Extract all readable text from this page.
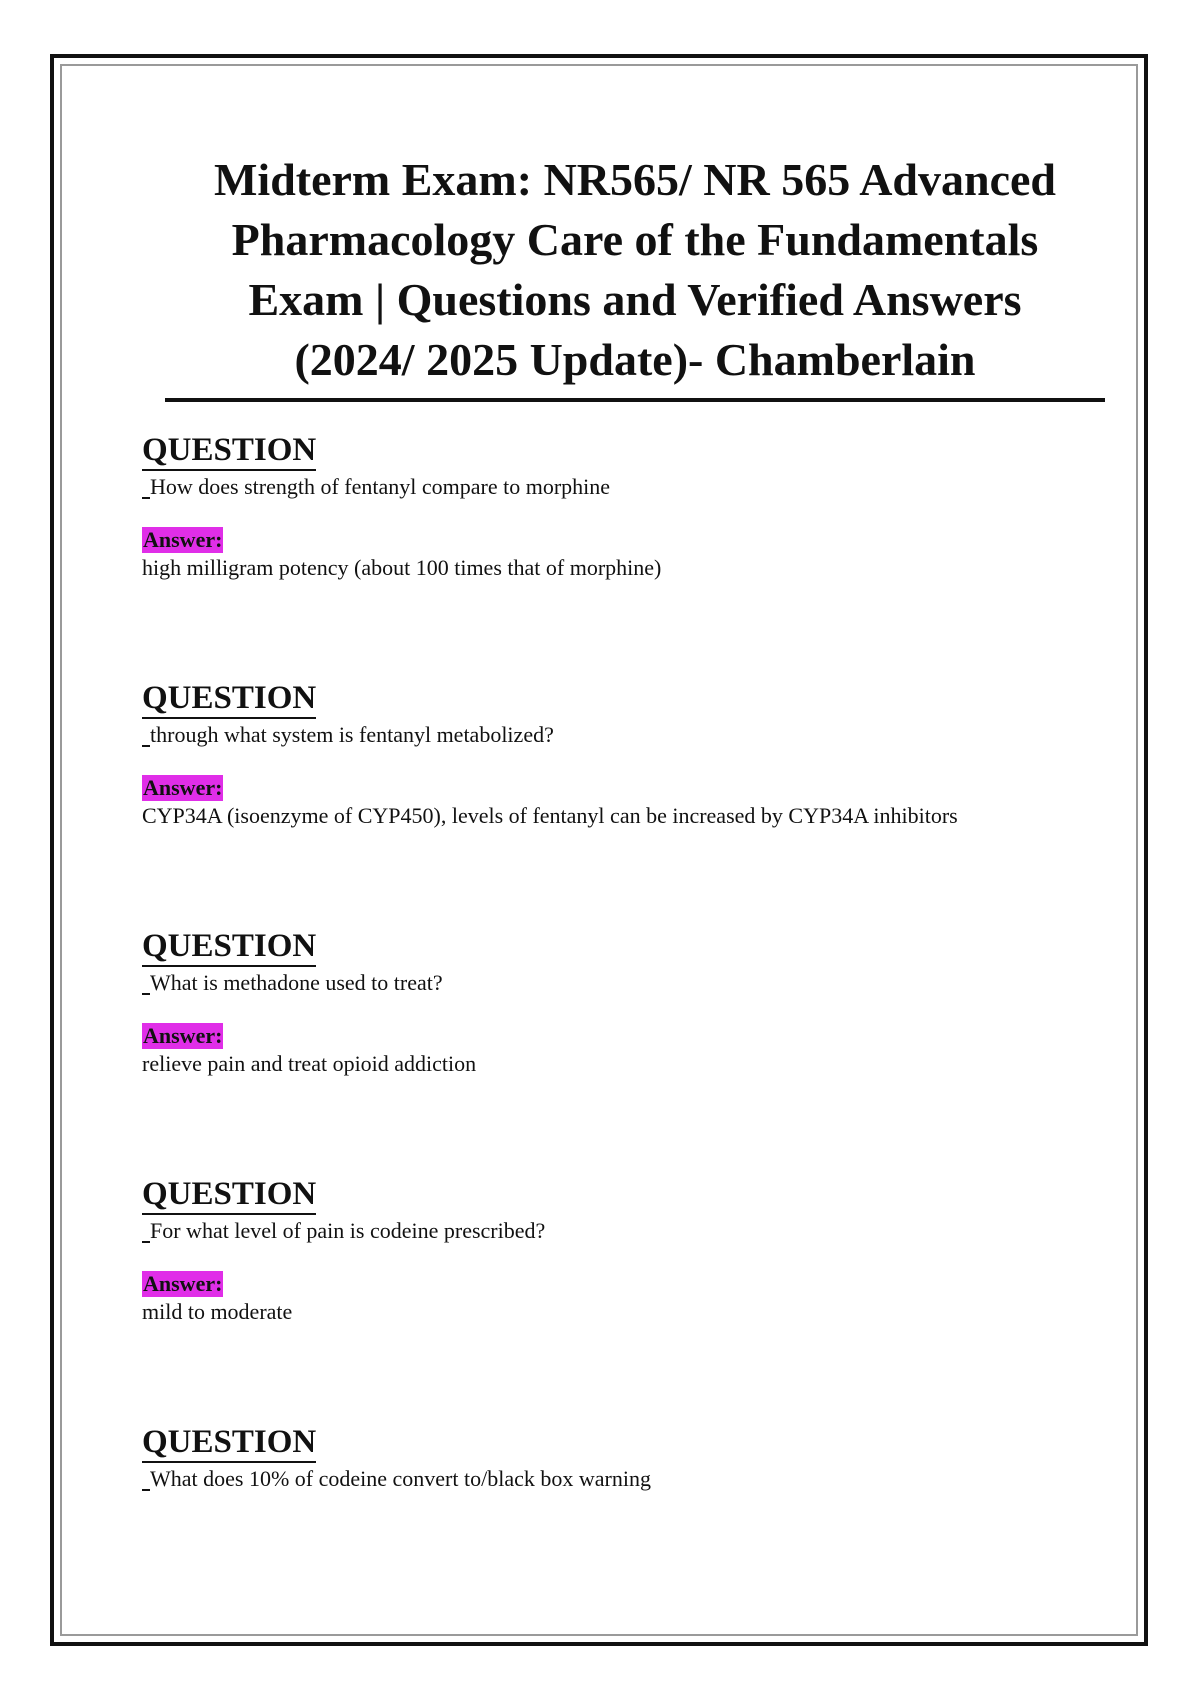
Midterm Exam: NR565/ NR 565 Advanced
Pharmacology Care of the Fundamentals
Exam | Questions and Verified Answers
(2024/ 2025 Update)- Chamberlain
QUESTION
How does strength of fentanyl compare to morphine
Answer:
high milligram potency (about 100 times that of morphine)
QUESTION
through what system is fentanyl metabolized?
Answer:
CYP34A (isoenzyme of CYP450), levels of fentanyl can be increased by CYP34A inhibitors
QUESTION
What is methadone used to treat?
Answer:
relieve pain and treat opioid addiction
QUESTION
For what level of pain is codeine prescribed?
Answer:
mild to moderate
QUESTION
What does 10% of codeine convert to/black box warning
